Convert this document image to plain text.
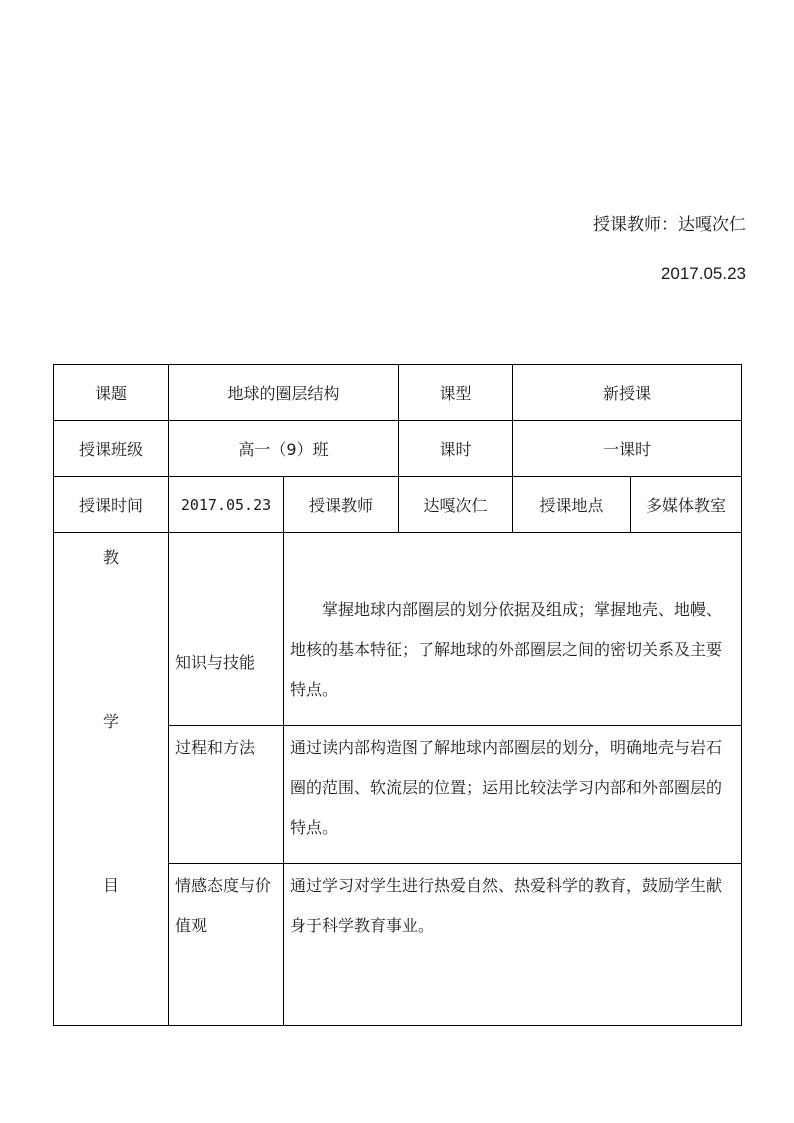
授课教师：达嘎次仁
2017.05.23
课题	地球的圈层结构		课型	新授课	
授课班级	高一（9）班		课时	一课时	
授课时间	2017.05.23	授课教师	达嘎次仁	授课地点	多媒体教室

教
学
目	知识与技能	掌握地球内部圈层的划分依据及组成；掌握地壳、地幔、地核的基本特征；了解地球的外部圈层之间的密切关系及主要特点。			
	过程和方法	通过读内部构造图了解地球内部圈层的划分，明确地壳与岩石圈的范围、软流层的位置；运用比较法学习内部和外部圈层的特点。			
	情感态度与价值观	通过学习对学生进行热爱自然、热爱科学的教育，鼓励学生献身于科学教育事业。			
